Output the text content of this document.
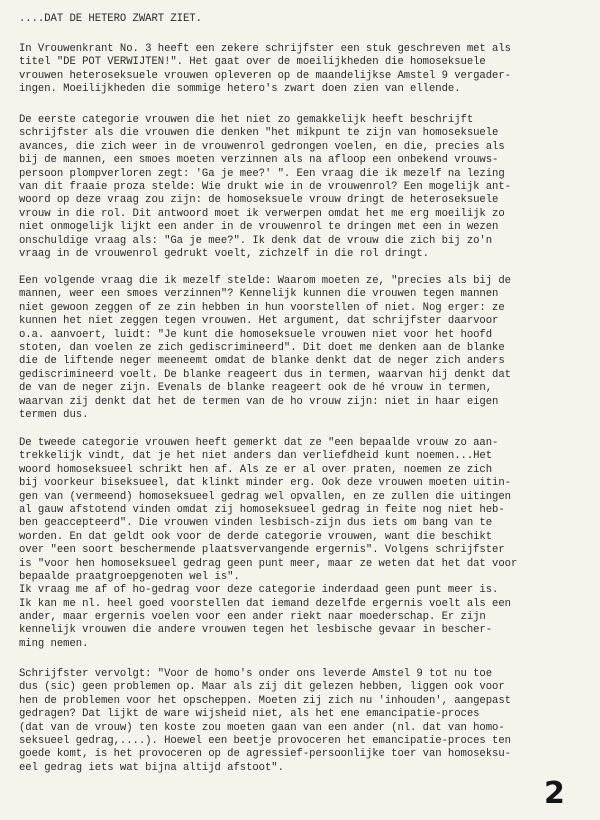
....DAT DE HETERO ZWART ZIET.
In Vrouwenkrant No. 3 heeft een zekere schrijfster een stuk geschreven met als
titel "DE POT VERWIJTEN!". Het gaat over de moeilijkheden die homoseksuele
vrouwen heteroseksuele vrouwen opleveren op de maandelijkse Amstel 9 vergader-
ingen. Moeilijkheden die sommige hetero's zwart doen zien van ellende.
De eerste categorie vrouwen die het niet zo gemakkelijk heeft beschrijft
schrijfster als die vrouwen die denken "het mikpunt te zijn van homoseksuele
avances, die zich weer in de vrouwenrol gedrongen voelen, en die, precies als
bij de mannen, een smoes moeten verzinnen als na afloop een onbekend vrouws-
persoon plompverloren zegt: 'Ga je mee?' ". Een vraag die ik mezelf na lezing
van dit fraaie proza stelde: Wie drukt wie in de vrouwenrol? Een mogelijk ant-
woord op deze vraag zou zijn: de homoseksuele vrouw dringt de heteroseksuele
vrouw in die rol. Dit antwoord moet ik verwerpen omdat het me erg moeilijk zo
niet onmogelijk lijkt een ander in de vrouwenrol te dringen met een in wezen
onschuldige vraag als: "Ga je mee?". Ik denk dat de vrouw die zich bij zo'n
vraag in de vrouwenrol gedrukt voelt, zichzelf in die rol dringt.
Een volgende vraag die ik mezelf stelde: Waarom moeten ze, "precies als bij de
mannen, weer een smoes verzinnen"? Kennelijk kunnen die vrouwen tegen mannen
niet gewoon zeggen of ze zin hebben in hun voorstellen of niet. Nog erger: ze
kunnen het niet zeggen tegen vrouwen. Het argument, dat schrijfster daarvoor
o.a. aanvoert, luidt: "Je kunt die homoseksuele vrouwen niet voor het hoofd
stoten, dan voelen ze zich gediscrimineerd". Dit doet me denken aan de blanke
die de liftende neger meeneemt omdat de blanke denkt dat de neger zich anders
gediscrimineerd voelt. De blanke reageert dus in termen, waarvan hij denkt dat
de van de neger zijn. Evenals de blanke reageert ook de hé vrouw in termen,
waarvan zij denkt dat het de termen van de ho vrouw zijn: niet in haar eigen
termen dus.
De tweede categorie vrouwen heeft gemerkt dat ze "een bepaalde vrouw zo aan-
trekkelijk vindt, dat je het niet anders dan verliefdheid kunt noemen...Het
woord homoseksueel schrikt hen af. Als ze er al over praten, noemen ze zich
bij voorkeur biseksueel, dat klinkt minder erg. Ook deze vrouwen moeten uitin-
gen van (vermeend) homoseksueel gedrag wel opvallen, en ze zullen die uitingen
al gauw afstotend vinden omdat zij homoseksueel gedrag in feite nog niet heb-
ben geaccepteerd". Die vrouwen vinden lesbisch-zijn dus iets om bang van te
worden. En dat geldt ook voor de derde categorie vrouwen, want die beschikt
over "een soort beschermende plaatsvervangende ergernis". Volgens schrijfster
is "voor hen homoseksueel gedrag geen punt meer, maar ze weten dat het dat voor
bepaalde praatgroepgenoten wel is".
Ik vraag me af of ho-gedrag voor deze categorie inderdaad geen punt meer is.
Ik kan me nl. heel goed voorstellen dat iemand dezelfde ergernis voelt als een
ander, maar ergernis voelen voor een ander riekt naar moederschap. Er zijn
kennelijk vrouwen die andere vrouwen tegen het lesbische gevaar in bescher-
ming nemen.
Schrijfster vervolgt: "Voor de homo's onder ons leverde Amstel 9 tot nu toe
dus (sic) geen problemen op. Maar als zij dit gelezen hebben, liggen ook voor
hen de problemen voor het opscheppen. Moeten zij zich nu 'inhouden', aangepast
gedragen? Dat lijkt de ware wijsheid niet, als het ene emancipatie-proces
(dat van de vrouw) ten koste zou moeten gaan van een ander (nl. dat van homo-
seksueel gedrag,....). Hoewel een beetje provoceren het emancipatie-proces ten
goede komt, is het provoceren op de agressief-persoonlijke toer van homoseksu-
eel gedrag iets wat bijna altijd afstoot".
2
